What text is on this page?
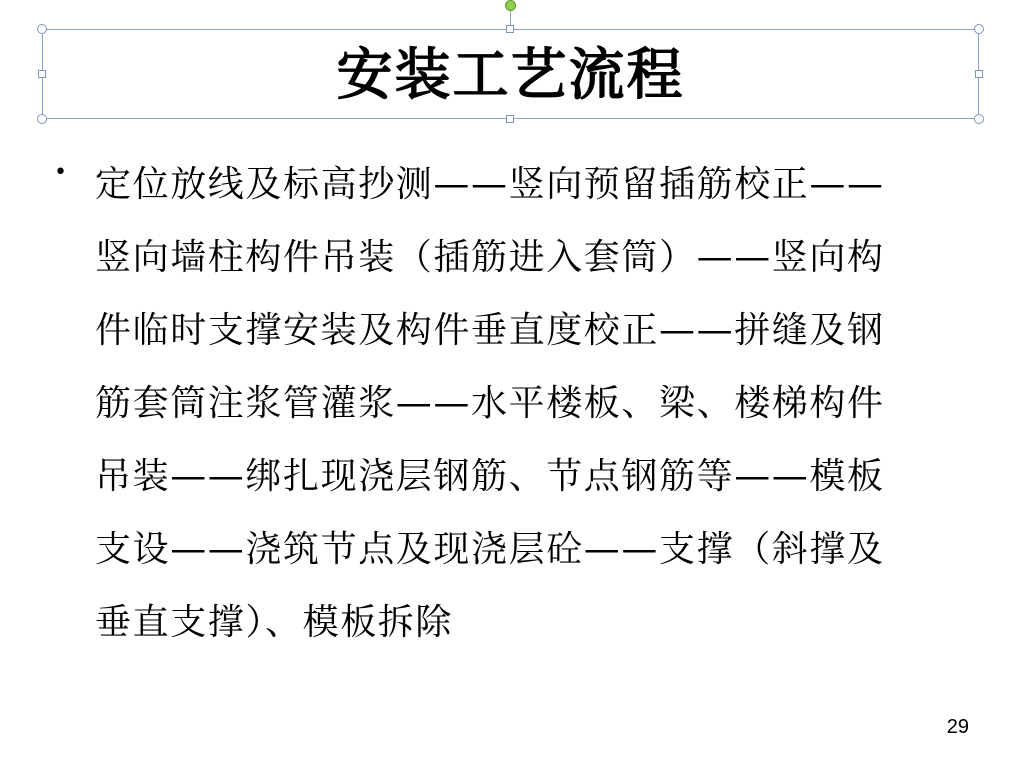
安装工艺流程
• 定位放线及标高抄测——竖向预留插筋校正——
竖向墙柱构件吊装（插筋进入套筒）——竖向构
件临时支撑安装及构件垂直度校正——拼缝及钢
筋套筒注浆管灌浆——水平楼板、梁、楼梯构件
吊装——绑扎现浇层钢筋、节点钢筋等——模板
支设——浇筑节点及现浇层砼——支撑（斜撑及
垂直支撑）、模板拆除
29
